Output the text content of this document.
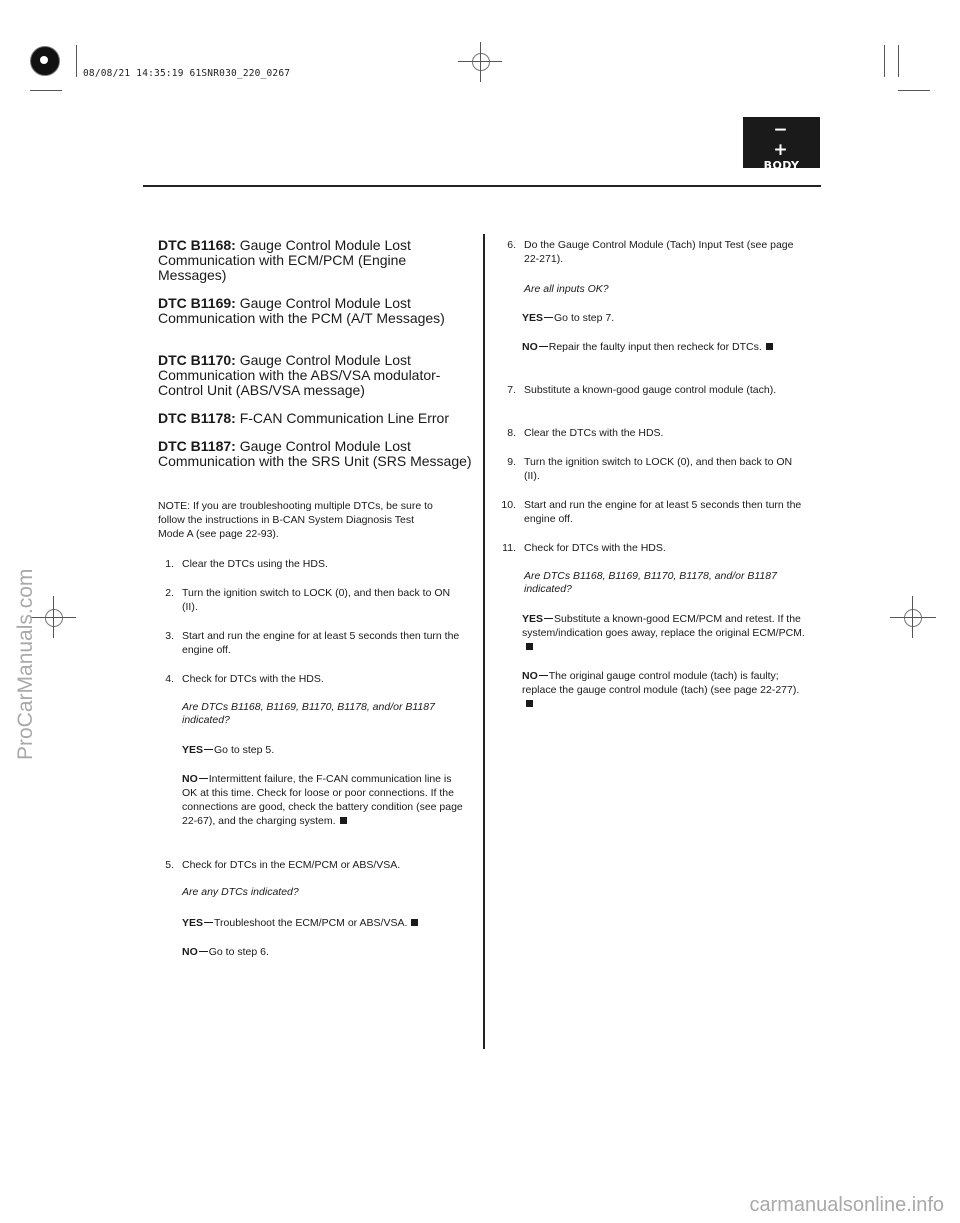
08/08/21 14:35:19 61SNR030_220_0267
− +
BODY
DTC B1168: Gauge Control Module Lost Communication with ECM/PCM (Engine Messages)
DTC B1169: Gauge Control Module Lost Communication with the PCM (A/T Messages)
DTC B1170: Gauge Control Module Lost Communication with the ABS/VSA modulator-Control Unit (ABS/VSA message)
DTC B1178: F-CAN Communication Line Error
DTC B1187: Gauge Control Module Lost Communication with the SRS Unit (SRS Message)
NOTE: If you are troubleshooting multiple DTCs, be sure to follow the instructions in B-CAN System Diagnosis Test Mode A (see page 22-93).
1. Clear the DTCs using the HDS.
2. Turn the ignition switch to LOCK (0), and then back to ON (II).
3. Start and run the engine for at least 5 seconds then turn the engine off.
4. Check for DTCs with the HDS.
Are DTCs B1168, B1169, B1170, B1178, and/or B1187 indicated?
YES Go to step 5.
NO Intermittent failure, the F-CAN communication line is OK at this time. Check for loose or poor connections. If the connections are good, check the battery condition (see page 22-67), and the charging system.
5. Check for DTCs in the ECM/PCM or ABS/VSA.
Are any DTCs indicated?
YES Troubleshoot the ECM/PCM or ABS/VSA.
NO Go to step 6.
6. Do the Gauge Control Module (Tach) Input Test (see page 22-271).
Are all inputs OK?
YES Go to step 7.
NO Repair the faulty input then recheck for DTCs.
7. Substitute a known-good gauge control module (tach).
8. Clear the DTCs with the HDS.
9. Turn the ignition switch to LOCK (0), and then back to ON (II).
10. Start and run the engine for at least 5 seconds then turn the engine off.
11. Check for DTCs with the HDS.
Are DTCs B1168, B1169, B1170, B1178, and/or B1187 indicated?
YES Substitute a known-good ECM/PCM and retest. If the system/indication goes away, replace the original ECM/PCM.
NO The original gauge control module (tach) is faulty; replace the gauge control module (tach) (see page 22-277).
ProCarManuals.com
carmanualsonline.info
